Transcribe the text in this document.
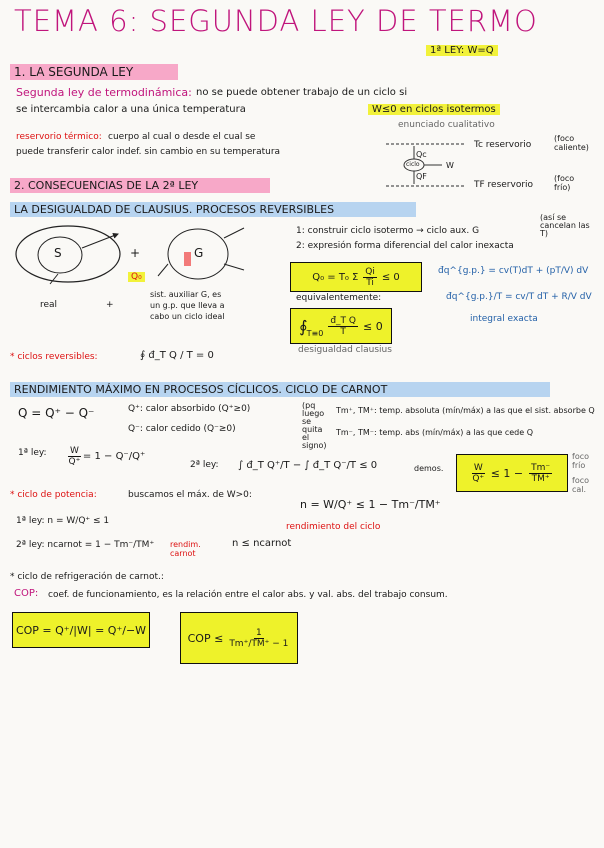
TEMA 6: SEGUNDA LEY DE TERMO
1ª LEY: W=Q
1. LA SEGUNDA LEY
Segunda ley de termodinámica: no se puede obtener trabajo de un ciclo si
se intercambia calor a una única temperatura	W≤0 en ciclos isotermos
enunciado cualitativo
reservorio térmico: cuerpo al cual o desde el cual se
puede transferir calor indef. sin cambio en su temperatura	Qc
QF
ciclo	W
Tc reservorio
(foco caliente)
TF reservorio
(foco frío)
2. CONSECUENCIAS DE LA 2ª LEY
LA DESIGUALDAD DE CLAUSIUS. PROCESOS REVERSIBLES
S	G
+
Q₀
real	+
sist. auxiliar G, es
un g.p. que lleva a
cabo un ciclo ideal
1: construir ciclo isotermo → ciclo aux. G
(así se cancelan las T)
2: expresión forma diferencial del calor inexacta
Q₀ = T₀ Σ $\frac{Qi}{Ti} \le 0$
equivalentemente:
∮ $T\equiv 0 \frac{\text{đ\_T Q}}{T} \le 0$
desigualdad clausius
đq^{g.p.} = cv(T)dT + (pT/V) dV
đq^{g.p.}/T = cv/T dT + R/V dV
integral exacta
* ciclos reversibles:	∮ đ_T Q / T = 0
RENDIMIENTO MÁXIMO EN PROCESOS CÍCLICOS. CICLO DE CARNOT
Q = Q⁺ − Q⁻	Q⁺: calor absorbido (Q⁺≥0)
Q⁻: calor cedido (Q⁻≥0)
(pq luego se quita el signo)
Tm⁺, TM⁺: temp. absoluta (mín/máx) a las que el sist. absorbe Q
Tm⁻, TM⁻: temp. abs (mín/máx) a las que cede Q
1ª ley: $\frac{W}{Q^+} = 1 - Q^-/Q^+$
2ª ley: ∫ đ_T Q⁺/T − ∫ đ_T Q⁻/T ≤ 0	demos.	$\frac{W}{Q^+} \le 1 - \frac{Tm^-}{TM^+}$
foco frío
foco cal.
* ciclo de potencia:	buscamos el máx. de W>0:
n = W/Q⁺ ≤ 1 − Tm⁻/TM⁺
rendimiento del ciclo
1ª ley: n = W/Q⁺ ≤ 1
2ª ley: ncarnot = 1 − Tm⁻/TM⁺ rendim. carnot
n ≤ ncarnot
* ciclo de refrigeración de carnot.:
COP: coef. de funcionamiento, es la relación entre el calor abs. y val. abs. del trabajo consum.
COP = Q⁺/|W| = Q⁺/−W
COP ≤ $\frac{1}{Tm^+/TM^+ - 1}$
